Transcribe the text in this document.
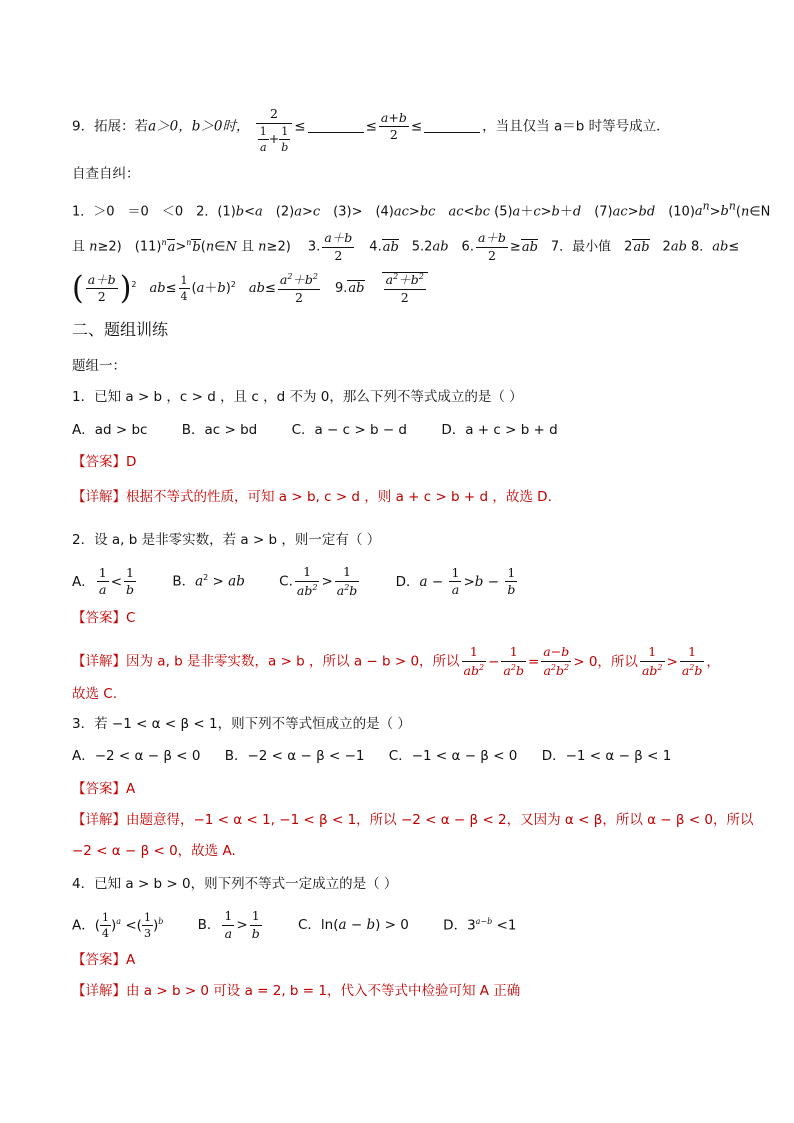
9．拓展：若a＞0，b＞0时， $\frac{2}{\frac{1}{a} + \frac{1}{b}}$ ≤	≤ $\frac{a+b}{2}$ ≤	，当且仅当 a＝b 时等号成立．
自查自纠：
1．＞0　＝0　＜0　2．(1)b<a　(2)a>c　(3)>　(4)ac>bc　 ac<bc (5)a＋c>b＋d　(7)ac>bd　$(10)a^n>b^n(n\in N$
且 n≥2)　$(11)^na>^nb(n\in N$ 且 n≥2)　 3. $\frac{a+b}{2}$ 　4.ab　5.2ab　6. $\frac{a+b}{2} \ge ab$　7．最小值　2ab　2ab 8．ab≤
( $\frac{a+b}{2} )^2$　 $ab\le \frac{1}{4} (a+b)^2$　 $ab\le \frac{a^2+b^2}{2}$ 　9.ab　 $\frac{a^2+b^2}{2}$
二、题组训练
题组一：
1．已知 a > b ，c > d ，且 c ，d 不为 0，那么下列不等式成立的是（ ）
A．ad > bc	B．ac > bd	C．a − c > b − d	D．a + c > b + d
【答案】D
【详解】根据不等式的性质，可知 a > b, c > d ，则 a + c > b + d ，故选 D.
2．设 a, b 是非零实数，若 a > b ，则一定有（ ）
A． $\frac{1}{a} < \frac{1}{b}$	B．$a^2$ > ab	C. $\frac{1}{ab^2} > \frac{1}{a^2b}$	D．$a - \frac{1}{a} >b - \frac{1}{b}$
【答案】C
【详解】因为 a, b 是非零实数，a > b ，所以 a − b > 0，所以 $\frac{1}{ab^2} - \frac{1}{a^2b} = \frac{a-b}{a^2b^2} > 0$，所以 $\frac{1}{ab^2} > \frac{1}{a^2b}$ ，
故选 C.
3．若 −1 < α < β < 1，则下列不等式恒成立的是（ ）
A．−2 < α − β < 0 B．−2 < α − β < −1 C．−1 < α − β < 0 D．−1 < α − β < 1
【答案】A
【详解】由题意得，−1 < α < 1, −1 < β < 1，所以 −2 < α − β < 2，又因为 α < β，所以 α − β < 0，所以
−2 < α − β < 0，故选 A.
4．已知 a > b > 0，则下列不等式一定成立的是（ ）
A．( $\frac{1}{4} )^a$ <( $\frac{1}{3} )^b$	B． $\frac{1}{a} > \frac{1}{b}$	C．ln(a − b) > 0	D．$3^{a-b} <1$
【答案】A
【详解】由 a > b > 0 可设 a = 2, b = 1，代入不等式中检验可知 A 正确
